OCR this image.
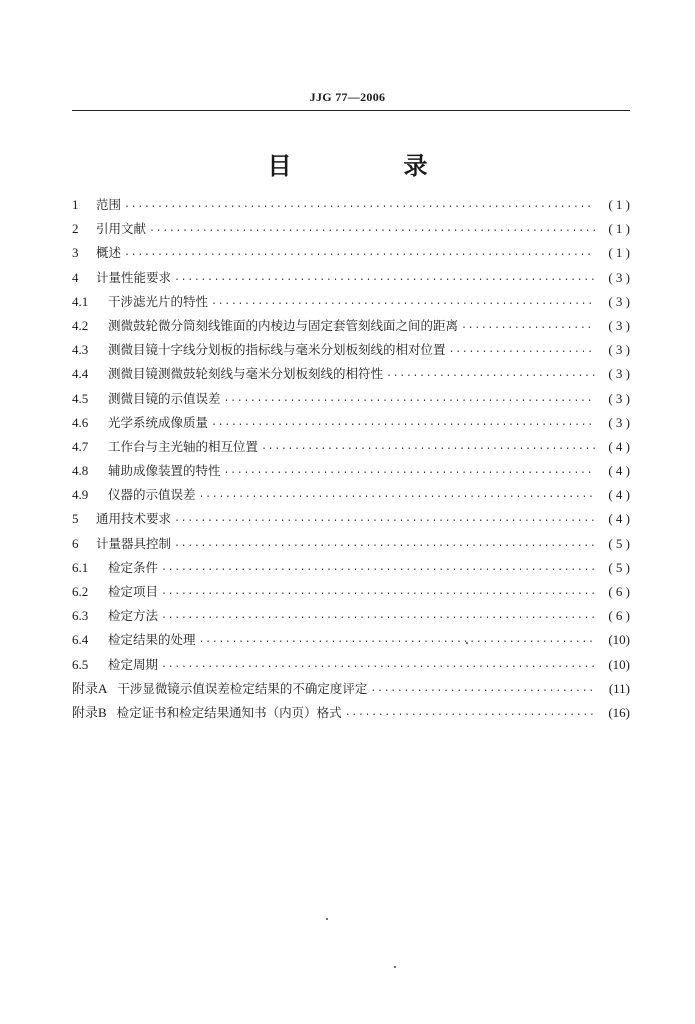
JJG 77—2006
目　录
1	范围 ·····	( 1 )
2	引用文献 ·····	( 1 )
3	概述 ·····	( 1 )
4	计量性能要求 ·····	( 3 )
4.1	干涉滤光片的特性 ·····	( 3 )
4.2	测微鼓轮微分筒刻线锥面的内棱边与固定套管刻线面之间的距离 ·····	( 3 )
4.3	测微目镜十字线分划板的指标线与毫米分划板刻线的相对位置 ·····	( 3 )
4.4	测微目镜测微鼓轮刻线与毫米分划板刻线的相符性 ·····	( 3 )
4.5	测微目镜的示值误差 ·····	( 3 )
4.6	光学系统成像质量 ·····	( 3 )
4.7	工作台与主光轴的相互位置 ·····	( 4 )
4.8	辅助成像装置的特性 ·····	( 4 )
4.9	仪器的示值误差 ·····	( 4 )
5	通用技术要求 ·····	( 4 )
6	计量器具控制 ·····	( 5 )
6.1	检定条件 ·····	( 5 )
6.2	检定项目 ·····	( 6 )
6.3	检定方法 ·····	( 6 )
6.4	检定结果的处理 ·····	(10)
6.5	检定周期 ·····	(10)
附录A 干涉显微镜示值误差检定结果的不确定度评定 ·····	(11)
附录B 检定证书和检定结果通知书（内页）格式 ·····	(16)
